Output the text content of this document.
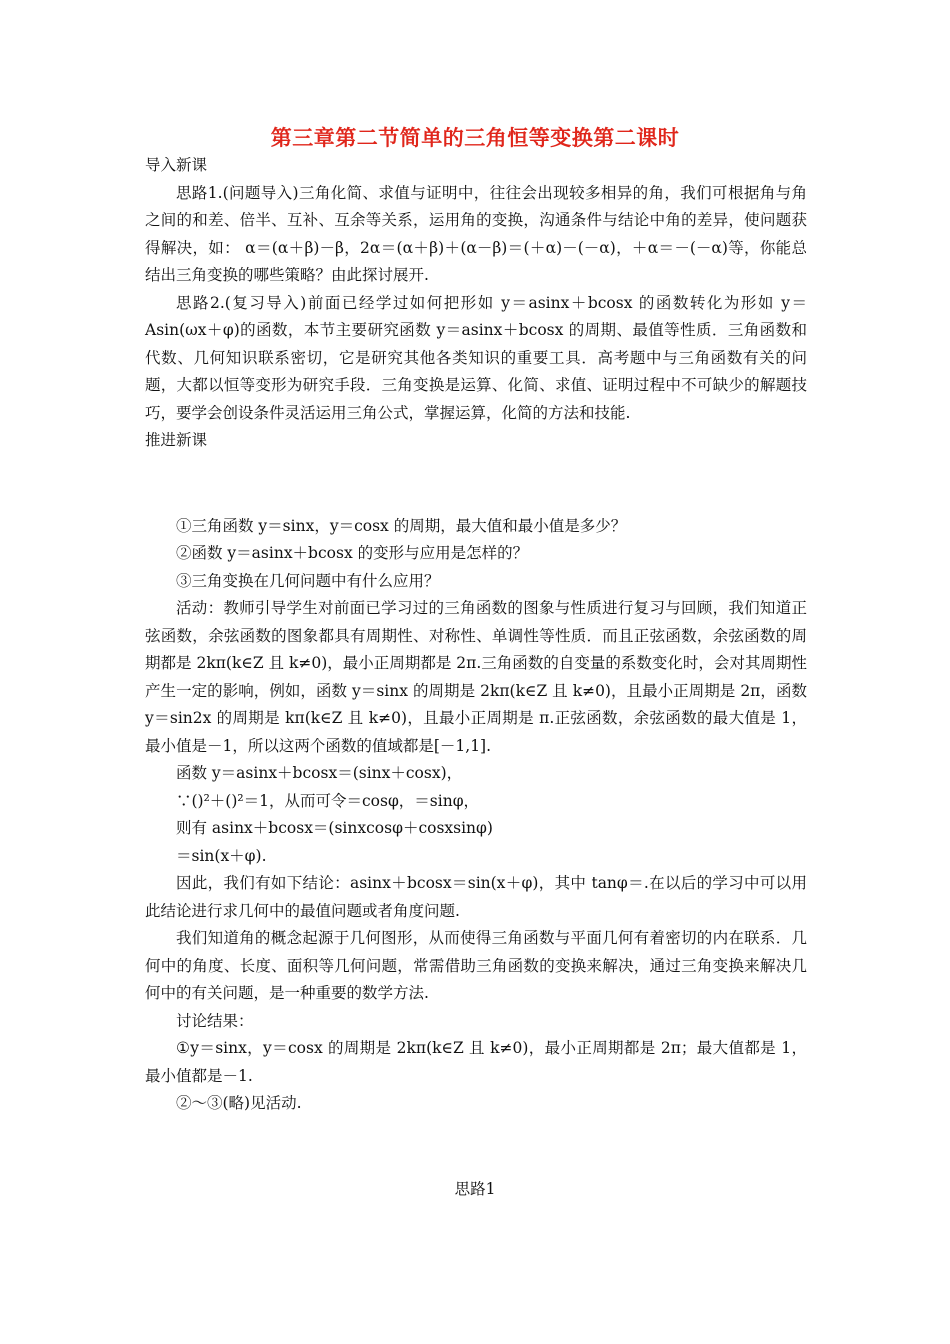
第三章第二节简单的三角恒等变换第二课时

导入新课

思路1.(问题导入)三角化简、求值与证明中，往往会出现较多相异的角，我们可根据角与角之间的和差、倍半、互补、互余等关系，运用角的变换，沟通条件与结论中角的差异，使问题获得解决，如： α＝(α＋β)－β，2α＝(α＋β)＋(α－β)＝(＋α)－(－α)，＋α＝－(－α)等，你能总结出三角变换的哪些策略？由此探讨展开.

思路2.(复习导入)前面已经学过如何把形如 y＝asinx＋bcosx 的函数转化为形如 y＝Asin(ωx＋φ)的函数，本节主要研究函数 y＝asinx＋bcosx 的周期、最值等性质．三角函数和代数、几何知识联系密切，它是研究其他各类知识的重要工具．高考题中与三角函数有关的问题，大都以恒等变形为研究手段．三角变换是运算、化简、求值、证明过程中不可缺少的解题技巧，要学会创设条件灵活运用三角公式，掌握运算，化简的方法和技能.

推进新课

①三角函数 y＝sinx，y＝cosx 的周期，最大值和最小值是多少？

②函数 y＝asinx＋bcosx 的变形与应用是怎样的？

③三角变换在几何问题中有什么应用？

活动：教师引导学生对前面已学习过的三角函数的图象与性质进行复习与回顾，我们知道正弦函数，余弦函数的图象都具有周期性、对称性、单调性等性质．而且正弦函数，余弦函数的周期都是 2kπ(k∈Z 且 k≠0)，最小正周期都是 2π.三角函数的自变量的系数变化时，会对其周期性产生一定的影响，例如，函数 y＝sinx 的周期是 2kπ(k∈Z 且 k≠0)，且最小正周期是 2π，函数 y＝sin2x 的周期是 kπ(k∈Z 且 k≠0)，且最小正周期是 π.正弦函数，余弦函数的最大值是 1，最小值是－1，所以这两个函数的值域都是[－1,1].

函数 y＝asinx＋bcosx＝(sinx＋cosx)，

∵()²＋()²＝1，从而可令＝cosφ，＝sinφ，

则有 asinx＋bcosx＝(sinxcosφ＋cosxsinφ)

＝sin(x＋φ).

因此，我们有如下结论：asinx＋bcosx＝sin(x＋φ)，其中 tanφ＝.在以后的学习中可以用此结论进行求几何中的最值问题或者角度问题.

我们知道角的概念起源于几何图形，从而使得三角函数与平面几何有着密切的内在联系．几何中的角度、长度、面积等几何问题，常需借助三角函数的变换来解决，通过三角变换来解决几何中的有关问题，是一种重要的数学方法.

讨论结果：

①y＝sinx，y＝cosx 的周期是 2kπ(k∈Z 且 k≠0)，最小正周期都是 2π；最大值都是 1，最小值都是－1.

②～③(略)见活动.

思路1
